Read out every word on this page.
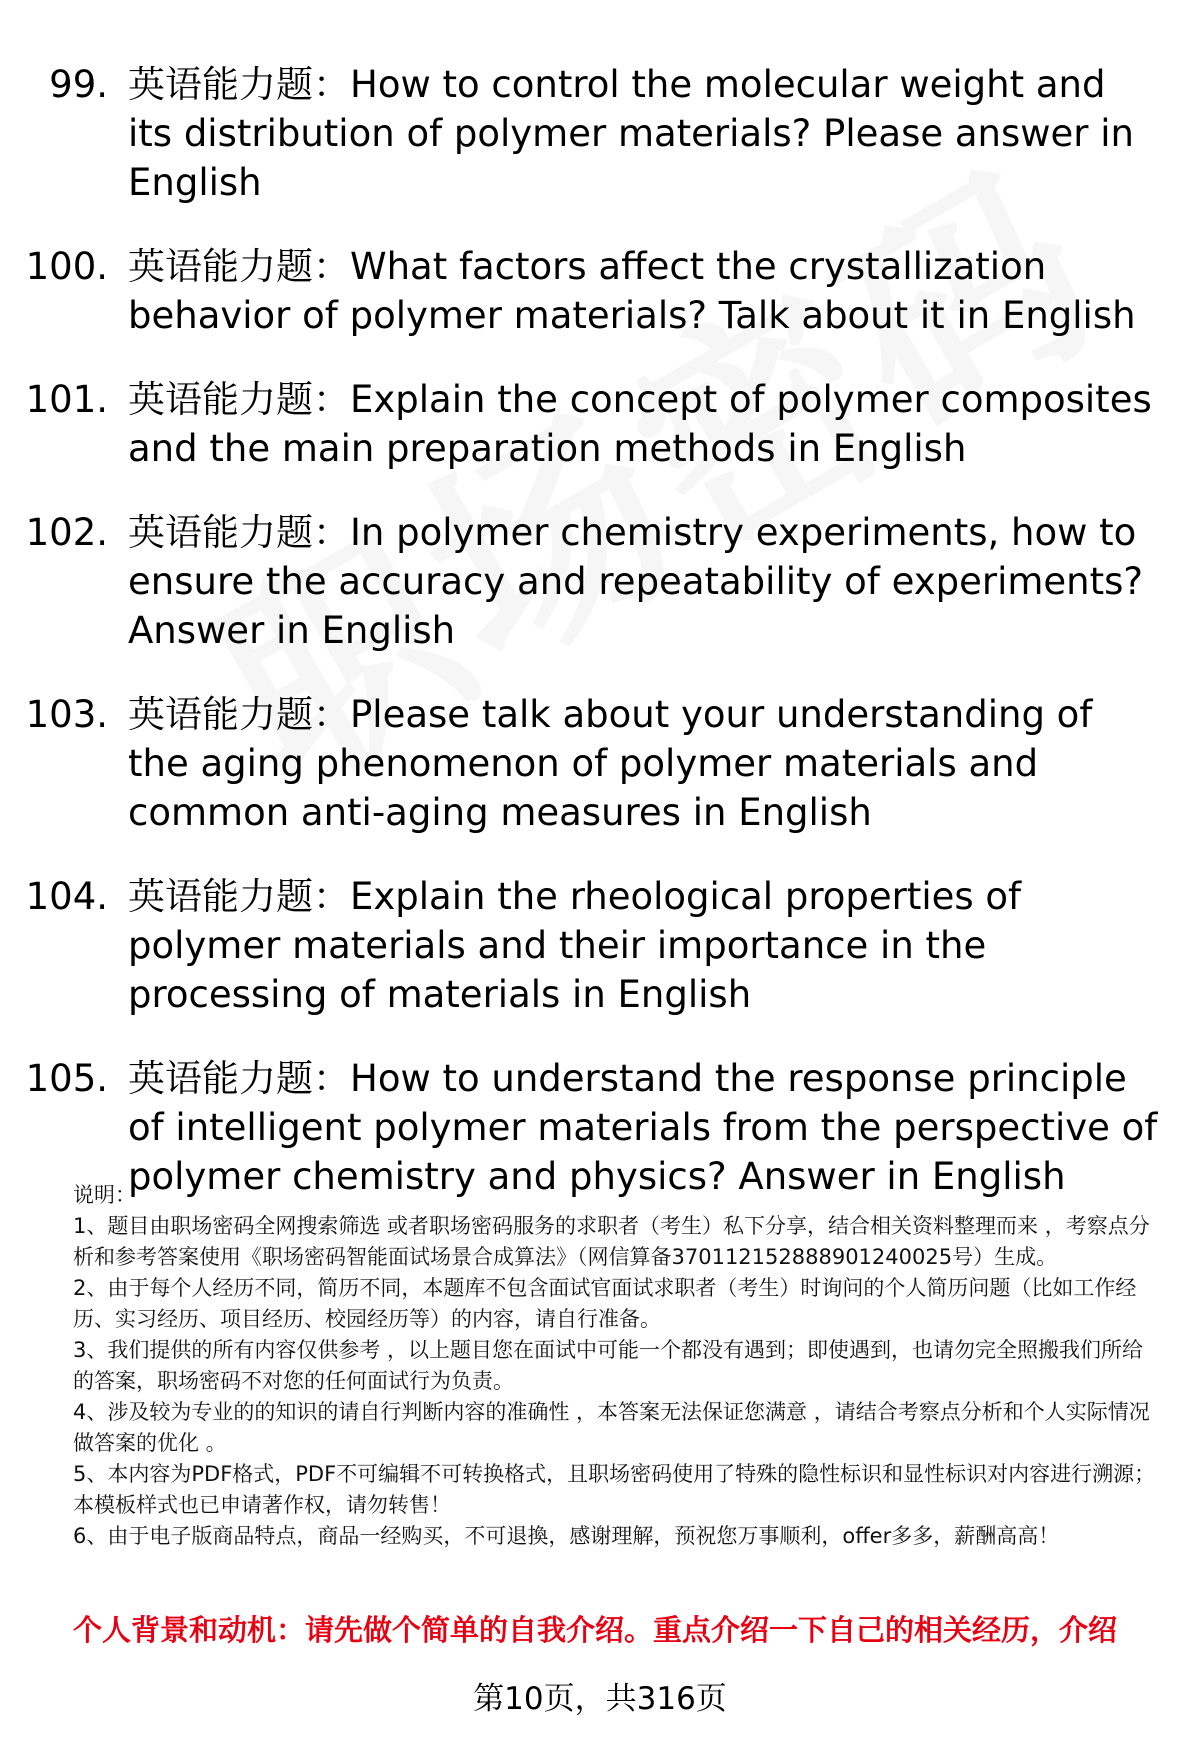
99. 英语能力题：How to control the molecular weight and its distribution of polymer materials? Please answer in English
100. 英语能力题：What factors affect the crystallization behavior of polymer materials? Talk about it in English
101. 英语能力题：Explain the concept of polymer composites and the main preparation methods in English
102. 英语能力题：In polymer chemistry experiments, how to ensure the accuracy and repeatability of experiments? Answer in English
103. 英语能力题：Please talk about your understanding of the aging phenomenon of polymer materials and common anti-aging measures in English
104. 英语能力题：Explain the rheological properties of polymer materials and their importance in the processing of materials in English
105. 英语能力题：How to understand the response principle of intelligent polymer materials from the perspective of polymer chemistry and physics? Answer in English

说明：

1、题目由职场密码全网搜索筛选 或者职场密码服务的求职者（考生）私下分享，结合相关资料整理而来 ，考察点分析和参考答案使用《职场密码智能面试场景合成算法》（网信算备370112152888901240025号）生成。

2、由于每个人经历不同，简历不同，本题库不包含面试官面试求职者（考生）时询问的个人简历问题（比如工作经历、实习经历、项目经历、校园经历等）的内容，请自行准备。

3、我们提供的所有内容仅供参考 ，以上题目您在面试中可能一个都没有遇到；即使遇到，也请勿完全照搬我们所给的答案，职场密码不对您的任何面试行为负责。

4、涉及较为专业的的知识的请自行判断内容的准确性 ，本答案无法保证您满意 ，请结合考察点分析和个人实际情况做答案的优化 。

5、本内容为PDF格式，PDF不可编辑不可转换格式，且职场密码使用了特殊的隐性标识和显性标识对内容进行溯源；本模板样式也已申请著作权，请勿转售！

6、由于电子版商品特点，商品一经购买，不可退換，感谢理解，预祝您万事顺利，offer多多，薪酬高高！

个人背景和动机：请先做个简单的自我介绍。重点介绍一下自己的相关经历，介绍
第10页，共316页
